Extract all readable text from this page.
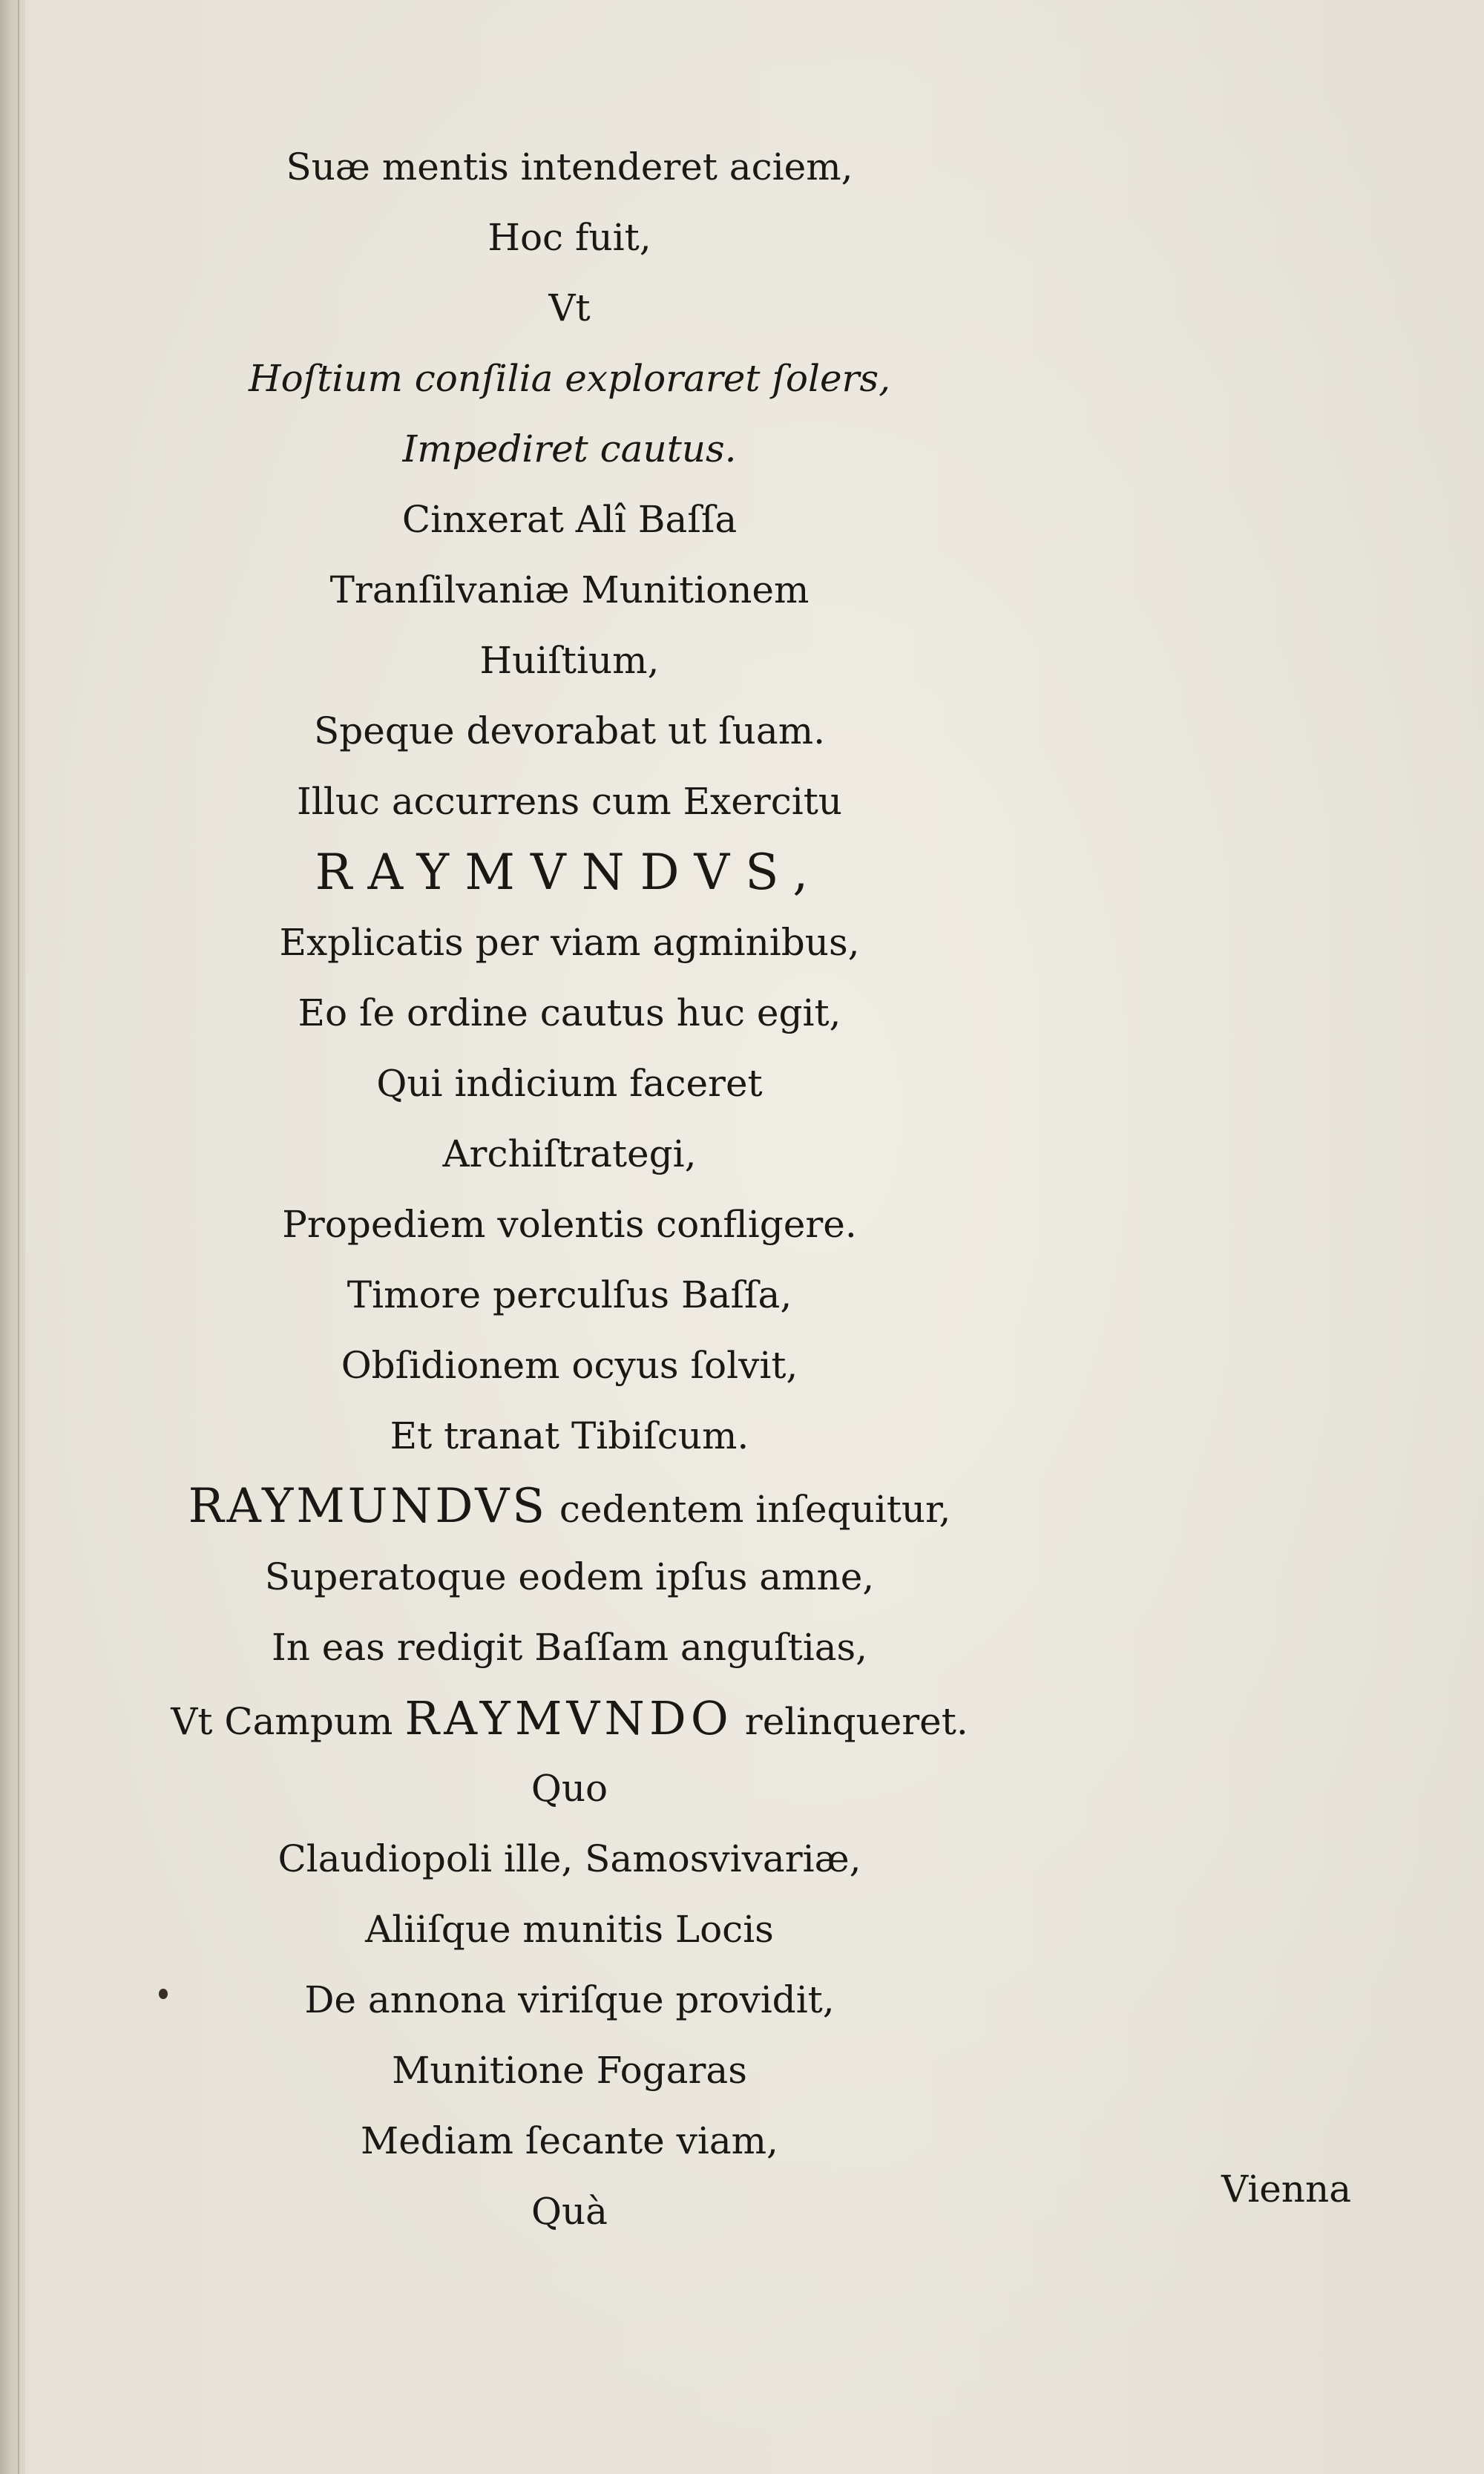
Suæ mentis intenderet aciem,
Hoc fuit,
Vt
Hoſtium conſilia exploraret ſolers,
Impediret cautus.
Cinxerat Alî Baſſa
Tranſilvaniæ Munitionem
Huiſtium,
Speque devorabat ut ſuam.
Illuc accurrens cum Exercitu
RAYMVNDVS,
Explicatis per viam agminibus,
Eo ſe ordine cautus huc egit,
Qui indicium faceret
Archiſtrategi,
Propediem volentis confligere.
Timore perculſus Baſſa,
Obſidionem ocyus ſolvit,
Et tranat Tibiſcum.
RAYMUNDVS cedentem inſequitur,
Superatoque eodem ipſus amne,
In eas redigit Baſſam anguſtias,
Vt Campum RAYMVNDO relinqueret.
Quo
Claudiopoli ille, Samosvivariæ,
Aliiſque munitis Locis
De annona viriſque providit,
Munitione Fogaras
Mediam ſecante viam,
Quà
Vienna
